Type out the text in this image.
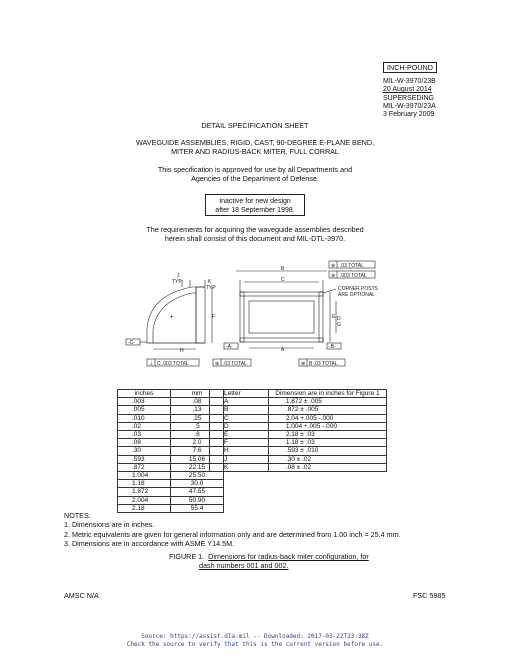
INCH-POUND
MIL-W-3970/23B
20 August 2014
SUPERSEDING
MIL-W-3970/23A
3 February 2009
DETAIL SPECIFICATION SHEET
WAVEGUIDE ASSEMBLIES, RIGID, CAST, 90-DEGREE E-PLANE BEND,
MITER AND RADIUS-BACK MITER, FULL CORRAL
This specification is approved for use by all Departments and
Agencies of the Department of Defense.
Inactive for new design
after 18 September 1998.
The requirements for acquiring the waveguide assemblies described
herein shall consist of this document and MIL-DTL-3970.
+
J
TYP	K
TYP
H
F
-C-
⊥ C .003 TOTAL
B
C
A
E D
G
CORNER POSTS
ARE OPTIONAL
⊕ .03 TOTAL
⊕ .003 TOTAL
-A-	-B-
⊕ .03 TOTAL	⊕ B .03 TOTAL
inches	mm
.003	.08
.005	.13
.010	.25
.02	.5
.03	.8
.08	2.0
.30	7.6
.593	15.06
.872	22.15
1.004	25.50
1.18	30.0
1.872	47.55
2.004	50.90
2.18	55.4
Letter	Dimension are in inches for Figure 1
A	1.872 ± .005
B	.872 ± .005
C	2.04 +.005 -.000
D	1.004 +.005 -.000
E	2.18 ± .03
F	1.18 ± .03
H	.593 ± .010
J	.30 ± .02
K	.08 ± .02
NOTES:
1. Dimensions are in inches.
2. Metric equivalents are given for general information only and are determined from 1.00 inch = 25.4 mm.
3. Dimensions are in accordance with ASME Y14.5M.
FIGURE 1. Dimensions for radius-back miter configuration, for
dash numbers 001 and 002.
AMSC N/A	FSC 5985
Source: https://assist.dla.mil -- Downloaded: 2017-03-22T23:38Z
Check the source to verify that this is the current version before use.
